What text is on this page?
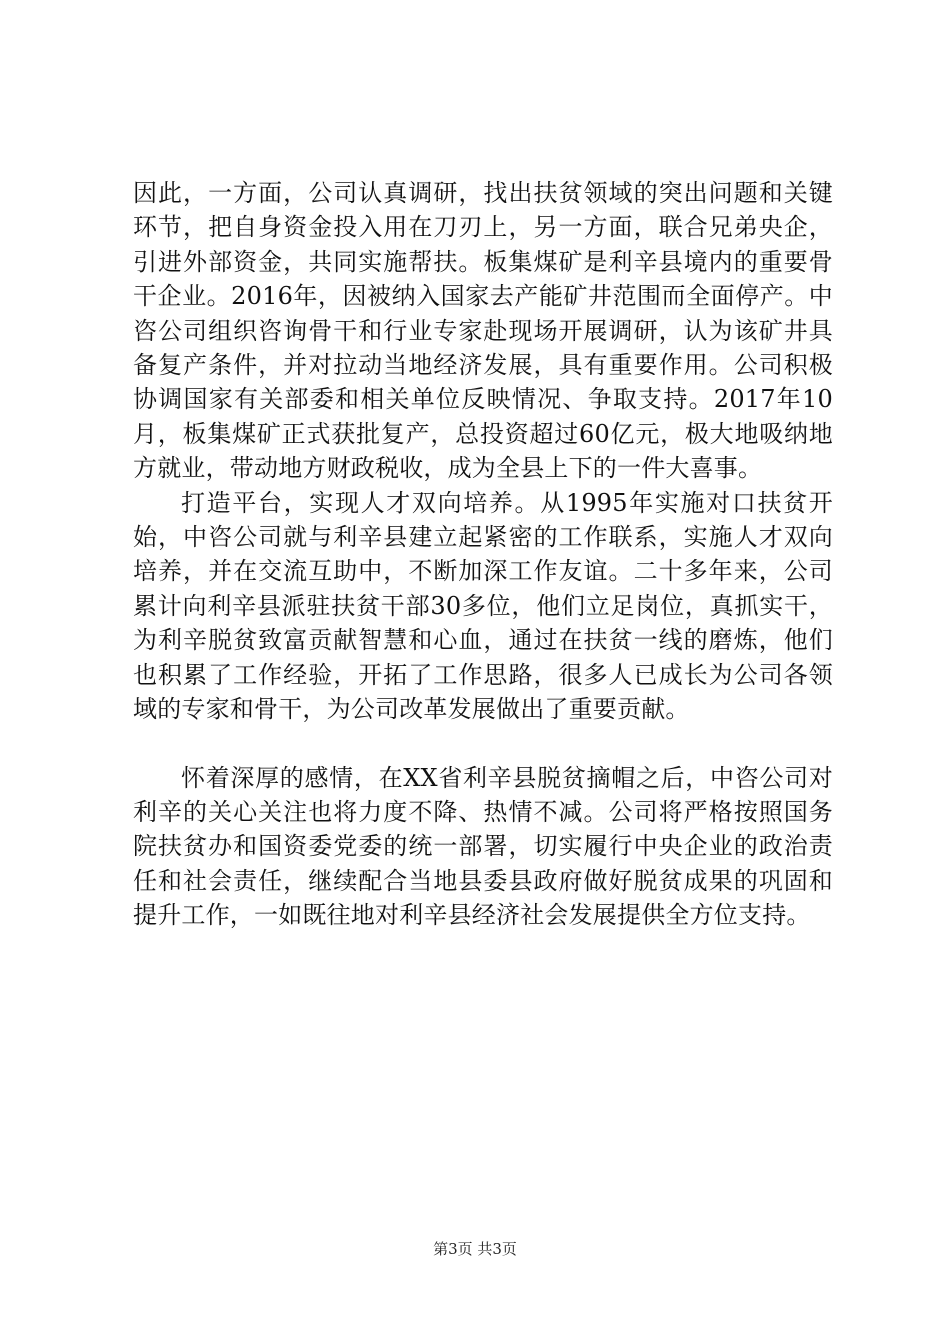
因此，一方面，公司认真调研，找出扶贫领域的突出问题和关键环节，把自身资金投入用在刀刃上，另一方面，联合兄弟央企，引进外部资金，共同实施帮扶。板集煤矿是利辛县境内的重要骨干企业。2016年，因被纳入国家去产能矿井范围而全面停产。中咨公司组织咨询骨干和行业专家赴现场开展调研，认为该矿井具备复产条件，并对拉动当地经济发展，具有重要作用。公司积极协调国家有关部委和相关单位反映情况、争取支持。2017年10月，板集煤矿正式获批复产，总投资超过60亿元，极大地吸纳地方就业，带动地方财政税收，成为全县上下的一件大喜事。

打造平台，实现人才双向培养。从1995年实施对口扶贫开始，中咨公司就与利辛县建立起紧密的工作联系，实施人才双向培养，并在交流互助中，不断加深工作友谊。二十多年来，公司累计向利辛县派驻扶贫干部30多位，他们立足岗位，真抓实干，为利辛脱贫致富贡献智慧和心血，通过在扶贫一线的磨炼，他们也积累了工作经验，开拓了工作思路，很多人已成长为公司各领域的专家和骨干，为公司改革发展做出了重要贡献。

怀着深厚的感情，在XX省利辛县脱贫摘帽之后，中咨公司对利辛的关心关注也将力度不降、热情不减。公司将严格按照国务院扶贫办和国资委党委的统一部署，切实履行中央企业的政治责任和社会责任，继续配合当地县委县政府做好脱贫成果的巩固和提升工作，一如既往地对利辛县经济社会发展提供全方位支持。

第3页 共3页
